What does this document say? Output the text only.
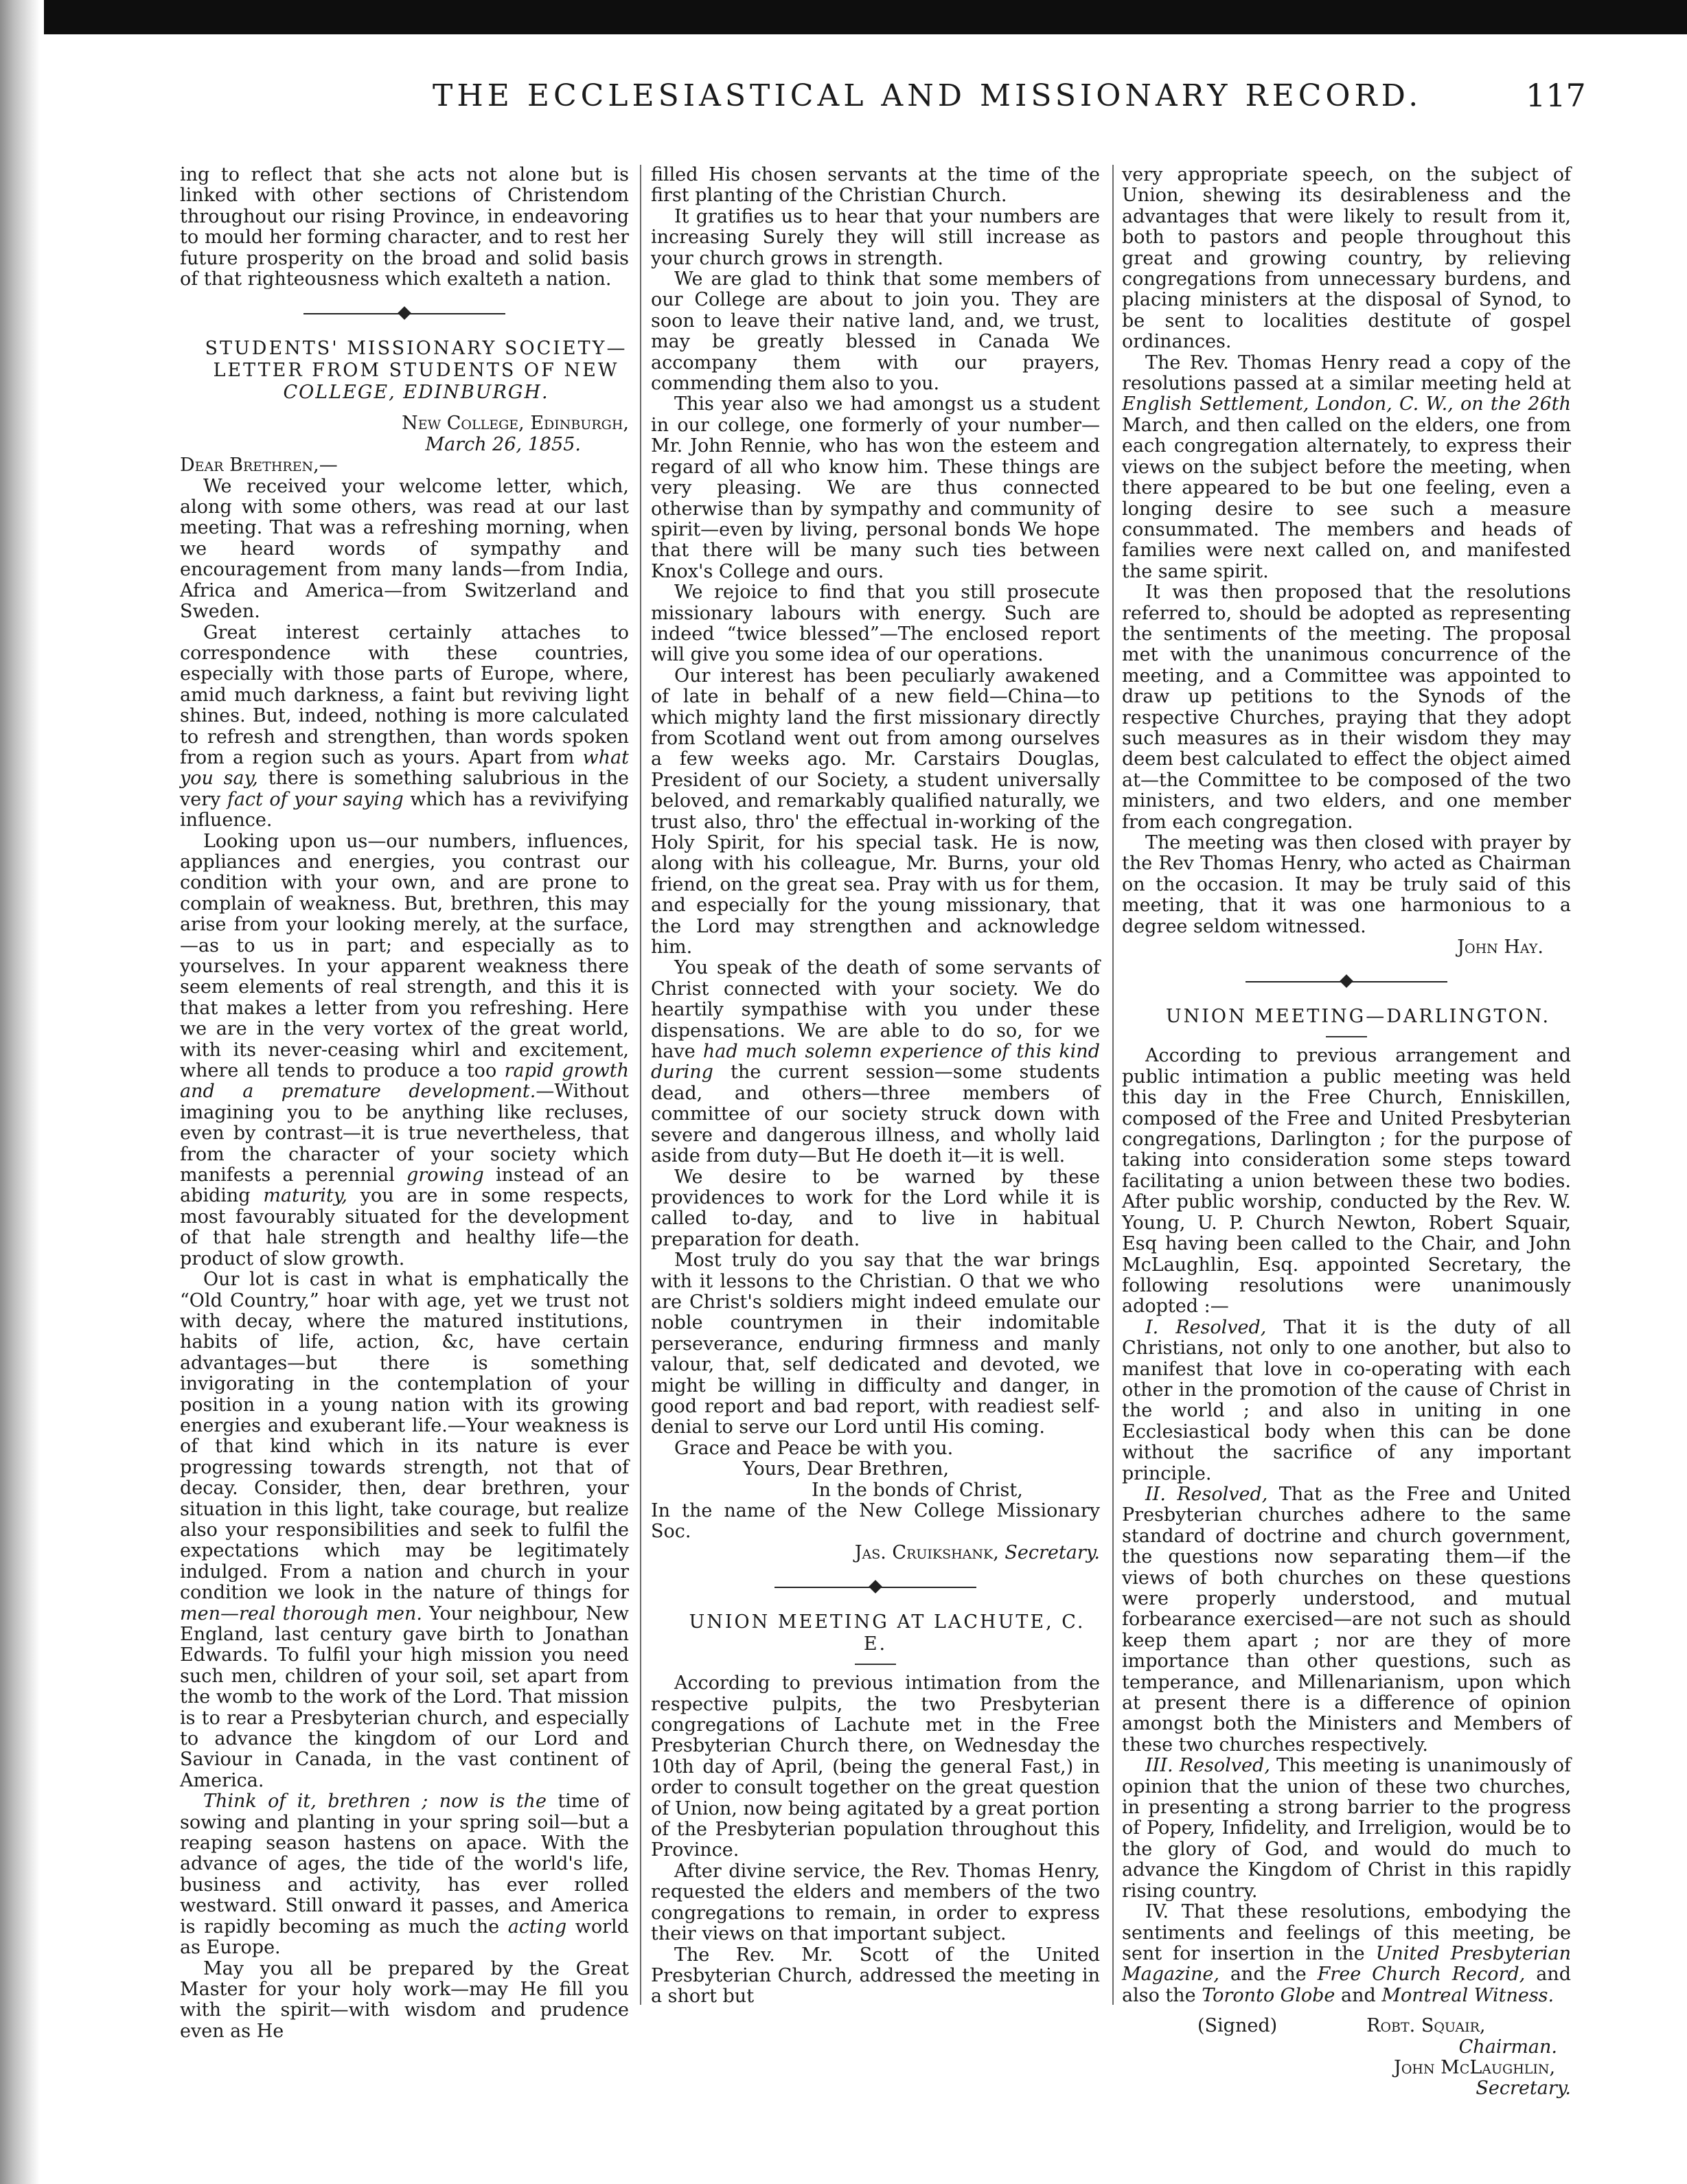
THE ECCLESIASTICAL AND MISSIONARY RECORD.	117

ing to reflect that she acts not alone but is linked with other sections of Christendom throughout our rising Province, in endeavoring to mould her forming character, and to rest her future prosperity on the broad and solid basis of that righteousness which exalteth a nation.

STUDENTS' MISSIONARY SOCIETY—

LETTER FROM STUDENTS OF NEW

COLLEGE, EDINBURGH.

New College, Edinburgh,

March 26, 1855.

Dear Brethren,—

We received your welcome letter, which, along with some others, was read at our last meeting. That was a refreshing morning, when we heard words of sympathy and encouragement from many lands—from India, Africa and America—from Switzerland and Sweden.

Great interest certainly attaches to correspondence with these countries, especially with those parts of Europe, where, amid much darkness, a faint but reviving light shines. But, indeed, nothing is more calculated to refresh and strengthen, than words spoken from a region such as yours. Apart from what you say, there is something salubrious in the very fact of your saying which has a revivifying influence.

Looking upon us—our numbers, influences, appliances and energies, you contrast our condition with your own, and are prone to complain of weakness. But, brethren, this may arise from your looking merely, at the surface,—as to us in part; and especially as to yourselves. In your apparent weakness there seem elements of real strength, and this it is that makes a letter from you refreshing. Here we are in the very vortex of the great world, with its never-ceasing whirl and excitement, where all tends to produce a too rapid growth and a premature development.—Without imagining you to be anything like recluses, even by contrast—it is true nevertheless, that from the character of your society which manifests a perennial growing instead of an abiding maturity, you are in some respects, most favourably situated for the development of that hale strength and healthy life—the product of slow growth.

Our lot is cast in what is emphatically the “Old Country,” hoar with age, yet we trust not with decay, where the matured institutions, habits of life, action, &c, have certain advantages—but there is something invigorating in the contemplation of your position in a young nation with its growing energies and exuberant life.—Your weakness is of that kind which in its nature is ever progressing towards strength, not that of decay. Consider, then, dear brethren, your situation in this light, take courage, but realize also your responsibilities and seek to fulfil the expectations which may be legitimately indulged. From a nation and church in your condition we look in the nature of things for men—real thorough men. Your neighbour, New England, last century gave birth to Jonathan Edwards. To fulfil your high mission you need such men, children of your soil, set apart from the womb to the work of the Lord. That mission is to rear a Presbyterian church, and especially to advance the kingdom of our Lord and Saviour in Canada, in the vast continent of America.

Think of it, brethren ; now is the time of sowing and planting in your spring soil—but a reaping season hastens on apace. With the advance of ages, the tide of the world's life, business and activity, has ever rolled westward. Still onward it passes, and America is rapidly becoming as much the acting world as Europe.

May you all be prepared by the Great Master for your holy work—may He fill you with the spirit—with wisdom and prudence even as He

filled His chosen servants at the time of the first planting of the Christian Church.

It gratifies us to hear that your numbers are increasing Surely they will still increase as your church grows in strength.

We are glad to think that some members of our College are about to join you. They are soon to leave their native land, and, we trust, may be greatly blessed in Canada We accompany them with our prayers, commending them also to you.

This year also we had amongst us a student in our college, one formerly of your number—Mr. John Rennie, who has won the esteem and regard of all who know him. These things are very pleasing. We are thus connected otherwise than by sympathy and community of spirit—even by living, personal bonds We hope that there will be many such ties between Knox's College and ours.

We rejoice to find that you still prosecute missionary labours with energy. Such are indeed “twice blessed”—The enclosed report will give you some idea of our operations.

Our interest has been peculiarly awakened of late in behalf of a new field—China—to which mighty land the first missionary directly from Scotland went out from among ourselves a few weeks ago. Mr. Carstairs Douglas, President of our Society, a student universally beloved, and remarkably qualified naturally, we trust also, thro' the effectual in-working of the Holy Spirit, for his special task. He is now, along with his colleague, Mr. Burns, your old friend, on the great sea. Pray with us for them, and especially for the young missionary, that the Lord may strengthen and acknowledge him.

You speak of the death of some servants of Christ connected with your society. We do heartily sympathise with you under these dispensations. We are able to do so, for we have had much solemn experience of this kind during the current session—some students dead, and others—three members of committee of our society struck down with severe and dangerous illness, and wholly laid aside from duty—But He doeth it—it is well.

We desire to be warned by these providences to work for the Lord while it is called to-day, and to live in habitual preparation for death.

Most truly do you say that the war brings with it lessons to the Christian. O that we who are Christ's soldiers might indeed emulate our noble countrymen in their indomitable perseverance, enduring firmness and manly valour, that, self dedicated and devoted, we might be willing in difficulty and danger, in good report and bad report, with readiest self-denial to serve our Lord until His coming.

Grace and Peace be with you.

Yours, Dear Brethren,

In the bonds of Christ,

In the name of the New College Missionary Soc.

Jas. Cruikshank, Secretary.

UNION MEETING AT LACHUTE, C. E.

According to previous intimation from the respective pulpits, the two Presbyterian congregations of Lachute met in the Free Presbyterian Church there, on Wednesday the 10th day of April, (being the general Fast,) in order to consult together on the great question of Union, now being agitated by a great portion of the Presbyterian population throughout this Province.

After divine service, the Rev. Thomas Henry, requested the elders and members of the two congregations to remain, in order to express their views on that important subject.

The Rev. Mr. Scott of the United Presbyterian Church, addressed the meeting in a short but

very appropriate speech, on the subject of Union, shewing its desirableness and the advantages that were likely to result from it, both to pastors and people throughout this great and growing country, by relieving congregations from unnecessary burdens, and placing ministers at the disposal of Synod, to be sent to localities destitute of gospel ordinances.

The Rev. Thomas Henry read a copy of the resolutions passed at a similar meeting held at English Settlement, London, C. W., on the 26th March, and then called on the elders, one from each congregation alternately, to express their views on the subject before the meeting, when there appeared to be but one feeling, even a longing desire to see such a measure consummated. The members and heads of families were next called on, and manifested the same spirit.

It was then proposed that the resolutions referred to, should be adopted as representing the sentiments of the meeting. The proposal met with the unanimous concurrence of the meeting, and a Committee was appointed to draw up petitions to the Synods of the respective Churches, praying that they adopt such measures as in their wisdom they may deem best calculated to effect the object aimed at—the Committee to be composed of the two ministers, and two elders, and one member from each congregation.

The meeting was then closed with prayer by the Rev Thomas Henry, who acted as Chairman on the occasion. It may be truly said of this meeting, that it was one harmonious to a degree seldom witnessed.

John Hay.

UNION MEETING—DARLINGTON.

According to previous arrangement and public intimation a public meeting was held this day in the Free Church, Enniskillen, composed of the Free and United Presbyterian congregations, Darlington ; for the purpose of taking into consideration some steps toward facilitating a union between these two bodies. After public worship, conducted by the Rev. W. Young, U. P. Church Newton, Robert Squair, Esq having been called to the Chair, and John McLaughlin, Esq. appointed Secretary, the following resolutions were unanimously adopted :—

I. Resolved, That it is the duty of all Christians, not only to one another, but also to manifest that love in co-operating with each other in the promotion of the cause of Christ in the world ; and also in uniting in one Ecclesiastical body when this can be done without the sacrifice of any important principle.

II. Resolved, That as the Free and United Presbyterian churches adhere to the same standard of doctrine and church government, the questions now separating them—if the views of both churches on these questions were properly understood, and mutual forbearance exercised—are not such as should keep them apart ; nor are they of more importance than other questions, such as temperance, and Millenarianism, upon which at present there is a difference of opinion amongst both the Ministers and Members of these two churches respectively.

III. Resolved, This meeting is unanimously of opinion that the union of these two churches, in presenting a strong barrier to the progress of Popery, Infidelity, and Irreligion, would be to the glory of God, and would do much to advance the Kingdom of Christ in this rapidly rising country.

IV. That these resolutions, embodying the sentiments and feelings of this meeting, be sent for insertion in the United Presbyterian Magazine, and the Free Church Record, and also the Toronto Globe and Montreal Witness.

(Signed)	Robt. Squair,

Chairman.

John McLaughlin,

Secretary.
